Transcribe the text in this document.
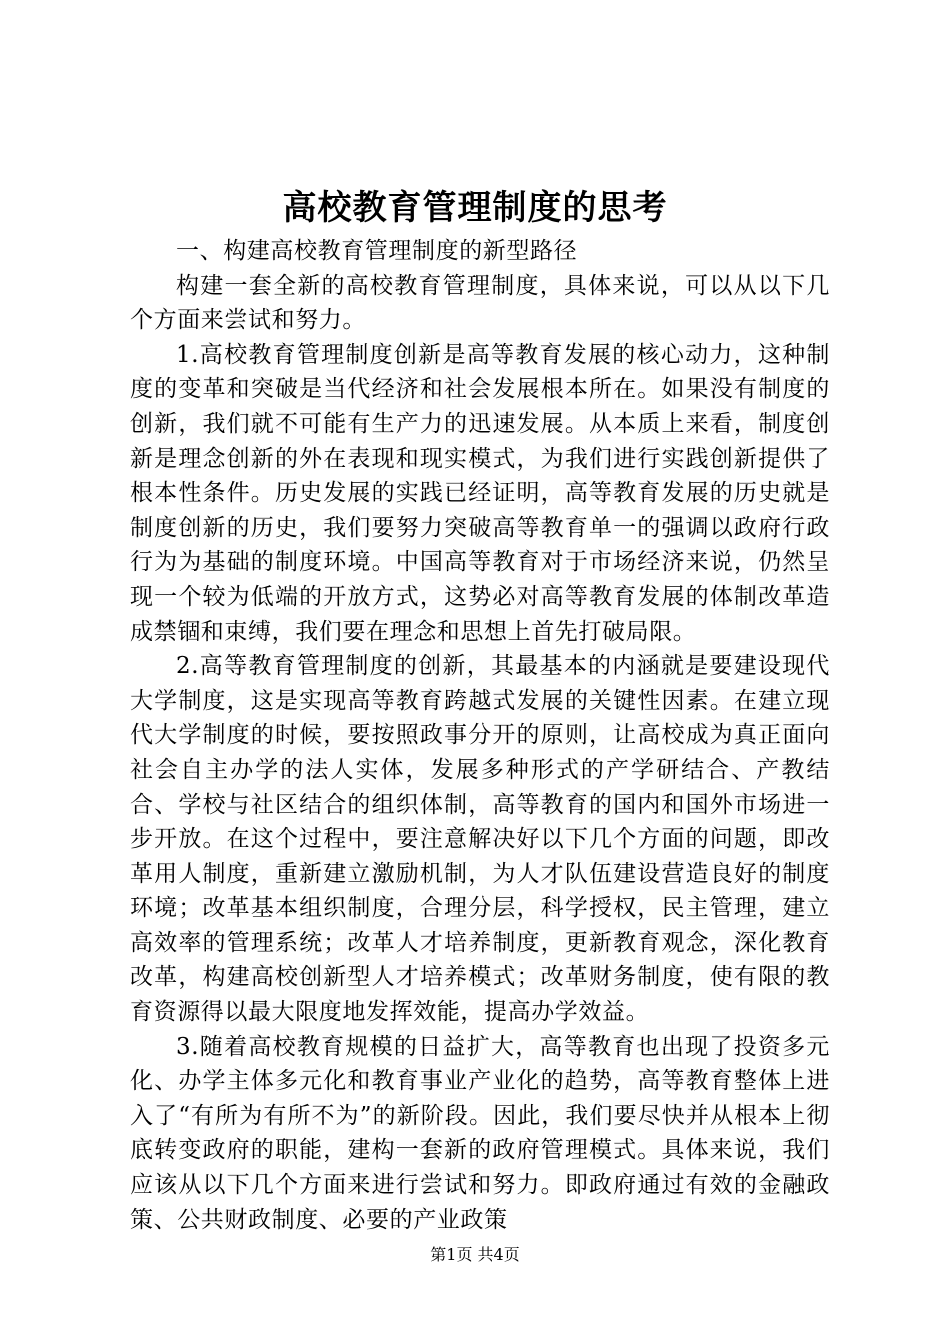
高校教育管理制度的思考

一、构建高校教育管理制度的新型路径

构建一套全新的高校教育管理制度，具体来说，可以从以下几个方面来尝试和努力。

1.高校教育管理制度创新是高等教育发展的核心动力，这种制度的变革和突破是当代经济和社会发展根本所在。如果没有制度的创新，我们就不可能有生产力的迅速发展。从本质上来看，制度创新是理念创新的外在表现和现实模式，为我们进行实践创新提供了根本性条件。历史发展的实践已经证明，高等教育发展的历史就是制度创新的历史，我们要努力突破高等教育单一的强调以政府行政行为为基础的制度环境。中国高等教育对于市场经济来说，仍然呈现一个较为低端的开放方式，这势必对高等教育发展的体制改革造成禁锢和束缚，我们要在理念和思想上首先打破局限。

2.高等教育管理制度的创新，其最基本的内涵就是要建设现代大学制度，这是实现高等教育跨越式发展的关键性因素。在建立现代大学制度的时候，要按照政事分开的原则，让高校成为真正面向社会自主办学的法人实体，发展多种形式的产学研结合、产教结合、学校与社区结合的组织体制，高等教育的国内和国外市场进一步开放。在这个过程中，要注意解决好以下几个方面的问题，即改革用人制度，重新建立激励机制，为人才队伍建设营造良好的制度环境；改革基本组织制度，合理分层，科学授权，民主管理，建立高效率的管理系统；改革人才培养制度，更新教育观念，深化教育改革，构建高校创新型人才培养模式；改革财务制度，使有限的教育资源得以最大限度地发挥效能，提高办学效益。

3.随着高校教育规模的日益扩大，高等教育也出现了投资多元化、办学主体多元化和教育事业产业化的趋势，高等教育整体上进入了“有所为有所不为”的新阶段。因此，我们要尽快并从根本上彻底转变政府的职能，建构一套新的政府管理模式。具体来说，我们应该从以下几个方面来进行尝试和努力。即政府通过有效的金融政策、公共财政制度、必要的产业政策

第1页 共4页
